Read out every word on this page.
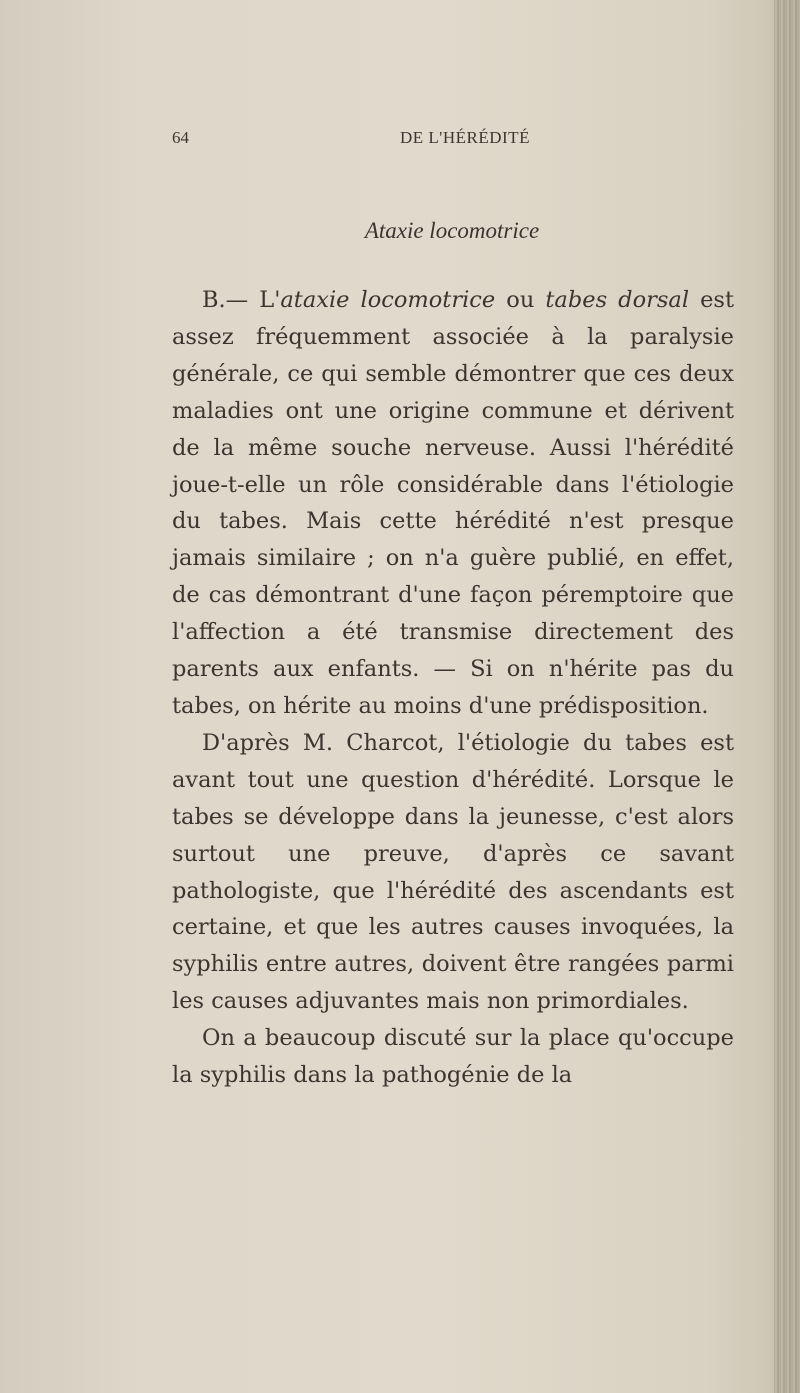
64	DE L'HÉRÉDITÉ
Ataxie locomotrice

B.— L'ataxie locomotrice ou tabes dorsal est assez fréquemment associée à la paralysie générale, ce qui semble démontrer que ces deux maladies ont une origine commune et dérivent de la même souche nerveuse. Aussi l'hérédité joue-t-elle un rôle considérable dans l'étiologie du tabes. Mais cette hérédité n'est presque jamais similaire ; on n'a guère publié, en effet, de cas démontrant d'une façon péremptoire que l'affection a été transmise directement des parents aux enfants. — Si on n'hérite pas du tabes, on hérite au moins d'une prédisposition.

D'après M. Charcot, l'étiologie du tabes est avant tout une question d'hérédité. Lorsque le tabes se développe dans la jeunesse, c'est alors surtout une preuve, d'après ce savant pathologiste, que l'hérédité des ascendants est certaine, et que les autres causes invoquées, la syphilis entre autres, doivent être rangées parmi les causes adjuvantes mais non primordiales.

On a beaucoup discuté sur la place qu'occupe la syphilis dans la pathogénie de la
